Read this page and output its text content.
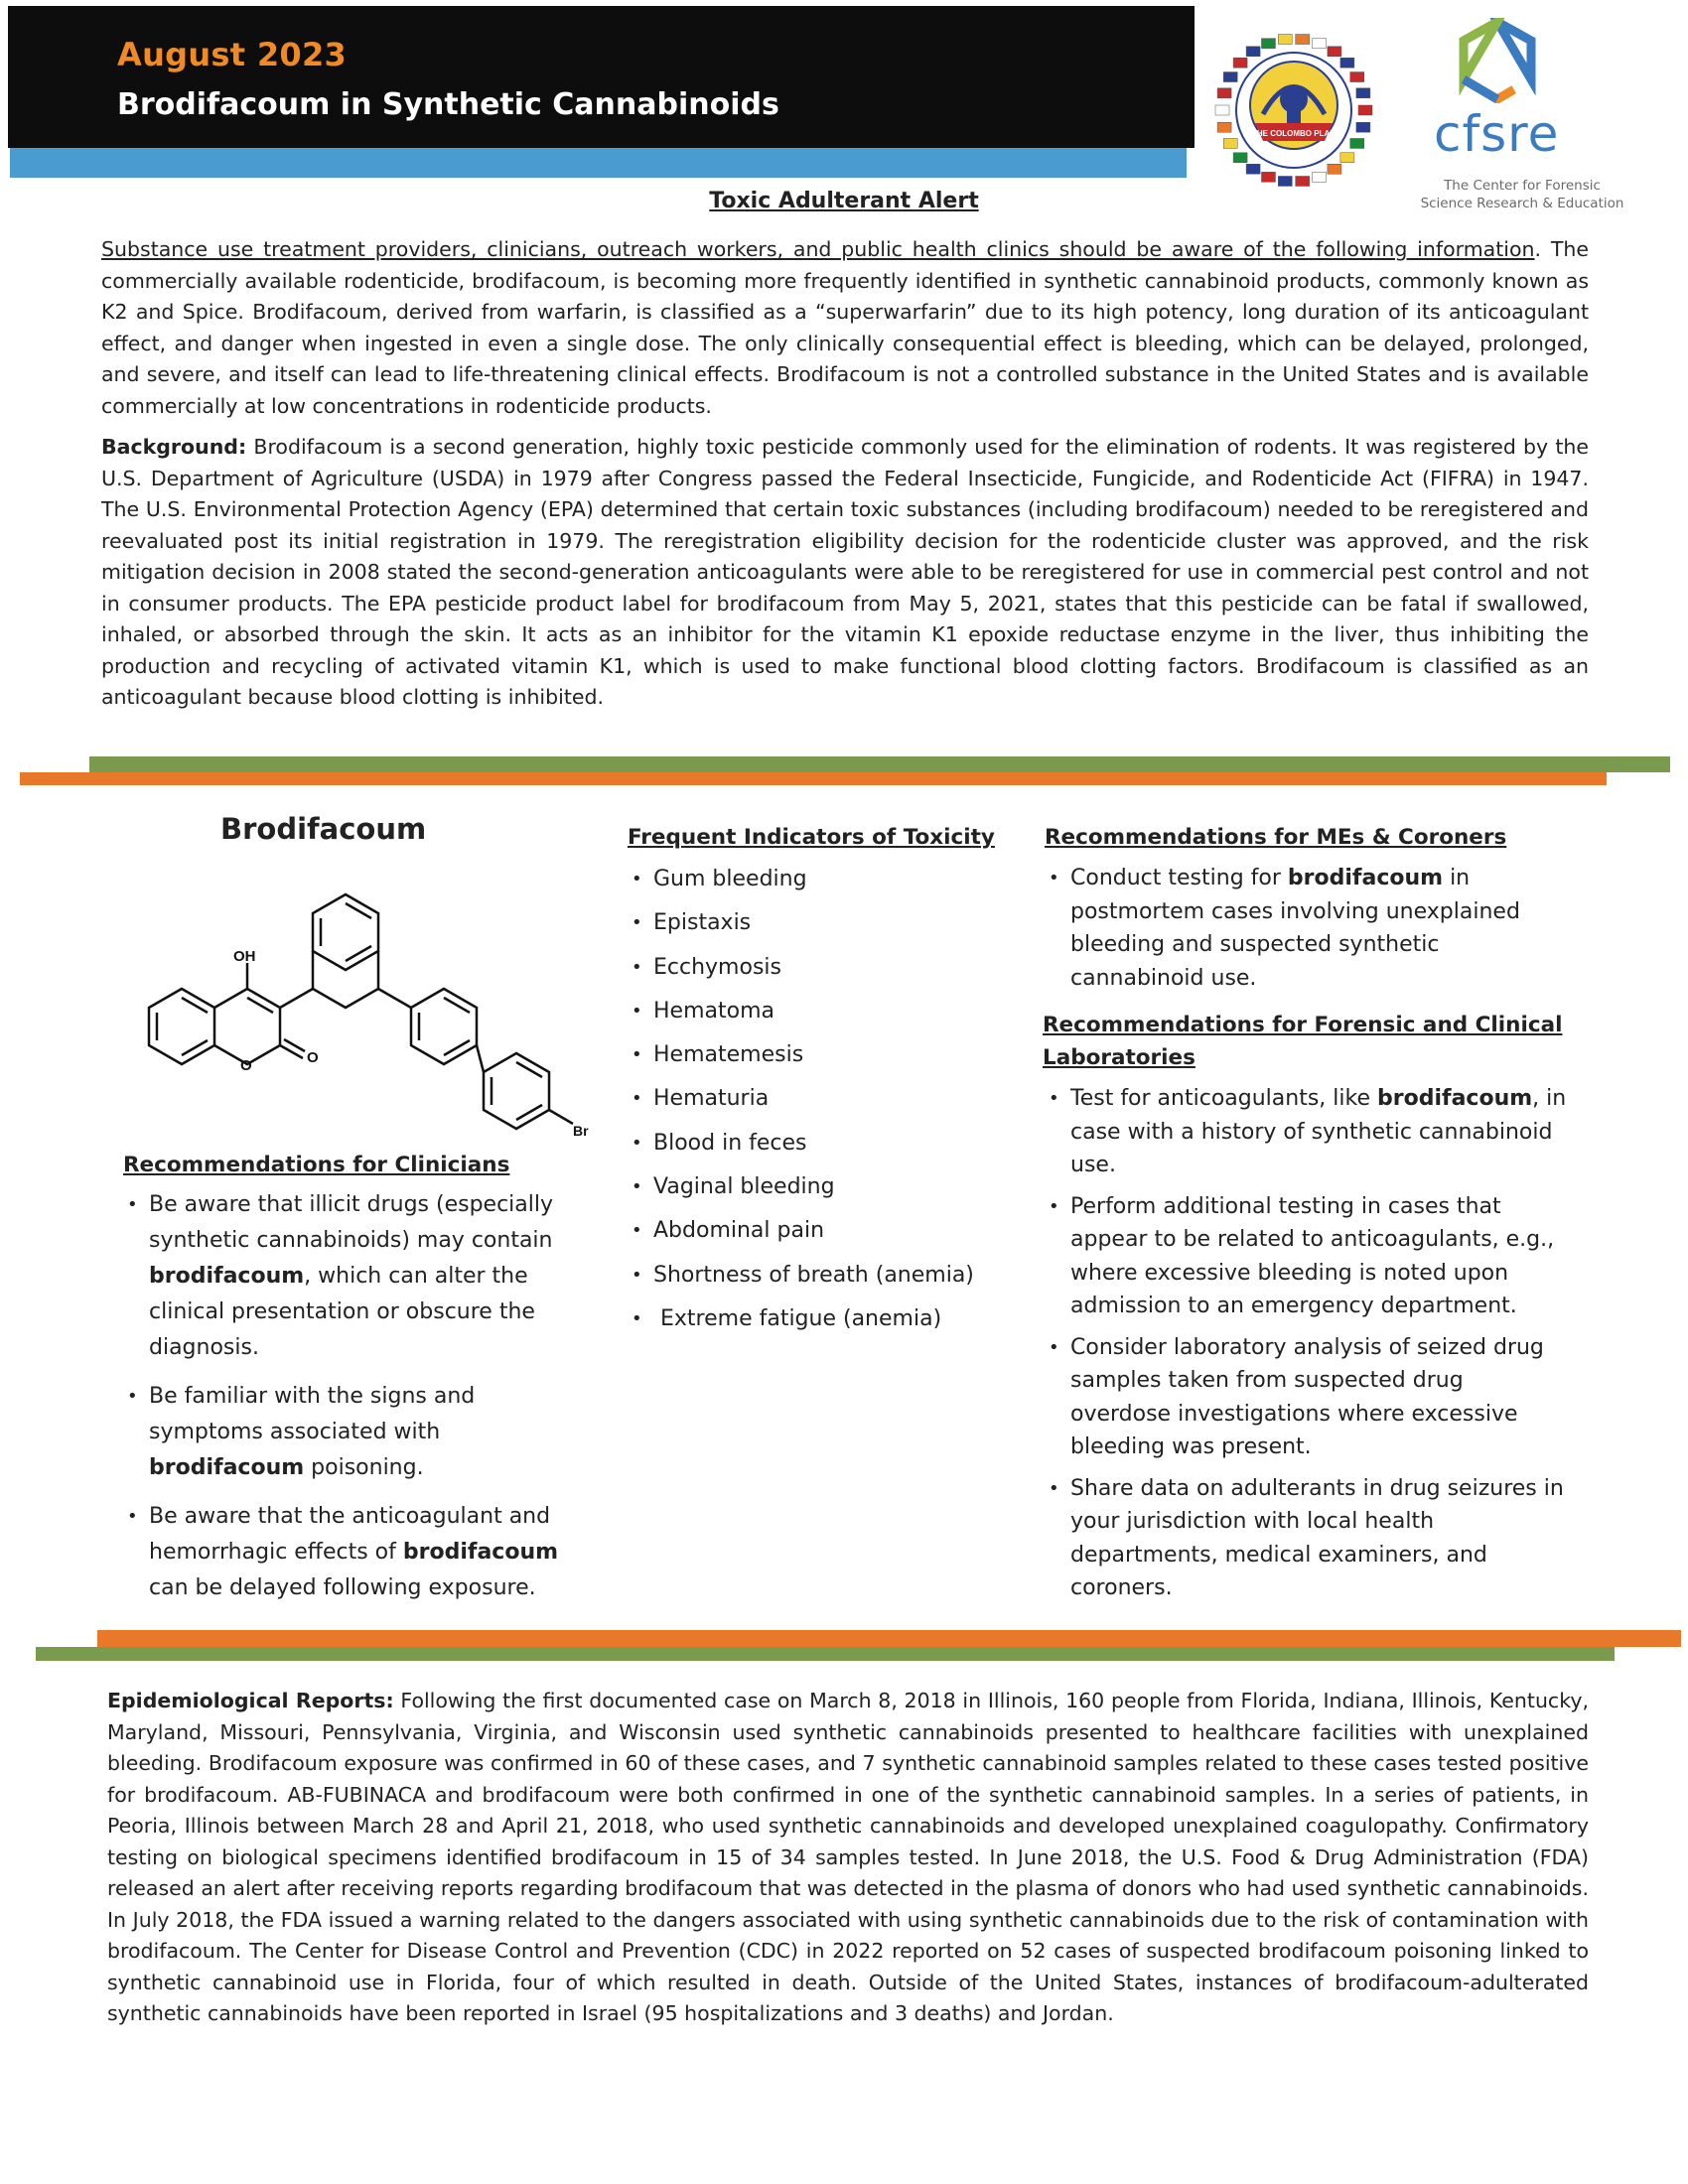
August 2023
Brodifacoum in Synthetic Cannabinoids
THE COLOMBO PLAN cfsre
The Center for Forensic
Science Research & Education
Toxic Adulterant Alert
Substance use treatment providers, clinicians, outreach workers, and public health clinics should be aware of the following information. The commercially available rodenticide, brodifacoum, is becoming more frequently identified in synthetic cannabinoid products, commonly known as K2 and Spice. Brodifacoum, derived from warfarin, is classified as a “superwarfarin” due to its high potency, long duration of its anticoagulant effect, and danger when ingested in even a single dose. The only clinically consequential effect is bleeding, which can be delayed, prolonged, and severe, and itself can lead to life-threatening clinical effects. Brodifacoum is not a controlled substance in the United States and is available commercially at low concentrations in rodenticide products.
Background: Brodifacoum is a second generation, highly toxic pesticide commonly used for the elimination of rodents. It was registered by the U.S. Department of Agriculture (USDA) in 1979 after Congress passed the Federal Insecticide, Fungicide, and Rodenticide Act (FIFRA) in 1947. The U.S. Environmental Protection Agency (EPA) determined that certain toxic substances (including brodifacoum) needed to be reregistered and reevaluated post its initial registration in 1979. The reregistration eligibility decision for the rodenticide cluster was approved, and the risk mitigation decision in 2008 stated the second-generation anticoagulants were able to be reregistered for use in commercial pest control and not in consumer products. The EPA pesticide product label for brodifacoum from May 5, 2021, states that this pesticide can be fatal if swallowed, inhaled, or absorbed through the skin. It acts as an inhibitor for the vitamin K1 epoxide reductase enzyme in the liver, thus inhibiting the production and recycling of activated vitamin K1, which is used to make functional blood clotting factors. Brodifacoum is classified as an anticoagulant because blood clotting is inhibited.
Brodifacoum
OH
O	O
Br
Recommendations for Clinicians
• Be aware that illicit drugs (especially synthetic cannabinoids) may contain brodifacoum, which can alter the clinical presentation or obscure the diagnosis.
• Be familiar with the signs and symptoms associated with brodifacoum poisoning.
• Be aware that the anticoagulant and hemorrhagic effects of brodifacoum can be delayed following exposure.
Frequent Indicators of Toxicity
• Gum bleeding
• Epistaxis
• Ecchymosis
• Hematoma
• Hematemesis
• Hematuria
• Blood in feces
• Vaginal bleeding
• Abdominal pain
• Shortness of breath (anemia)
•  Extreme fatigue (anemia)
Recommendations for MEs & Coroners
• Conduct testing for brodifacoum in postmortem cases involving unexplained bleeding and suspected synthetic cannabinoid use.
Recommendations for Forensic and Clinical Laboratories
• Test for anticoagulants, like brodifacoum, in case with a history of synthetic cannabinoid use.
• Perform additional testing in cases that appear to be related to anticoagulants, e.g., where excessive bleeding is noted upon admission to an emergency department.
• Consider laboratory analysis of seized drug samples taken from suspected drug overdose investigations where excessive bleeding was present.
• Share data on adulterants in drug seizures in your jurisdiction with local health departments, medical examiners, and coroners.
Epidemiological Reports: Following the first documented case on March 8, 2018 in Illinois, 160 people from Florida, Indiana, Illinois, Kentucky, Maryland, Missouri, Pennsylvania, Virginia, and Wisconsin used synthetic cannabinoids presented to healthcare facilities with unexplained bleeding. Brodifacoum exposure was confirmed in 60 of these cases, and 7 synthetic cannabinoid samples related to these cases tested positive for brodifacoum. AB-FUBINACA and brodifacoum were both confirmed in one of the synthetic cannabinoid samples. In a series of patients, in Peoria, Illinois between March 28 and April 21, 2018, who used synthetic cannabinoids and developed unexplained coagulopathy. Confirmatory testing on biological specimens identified brodifacoum in 15 of 34 samples tested. In June 2018, the U.S. Food & Drug Administration (FDA) released an alert after receiving reports regarding brodifacoum that was detected in the plasma of donors who had used synthetic cannabinoids. In July 2018, the FDA issued a warning related to the dangers associated with using synthetic cannabinoids due to the risk of contamination with brodifacoum. The Center for Disease Control and Prevention (CDC) in 2022 reported on 52 cases of suspected brodifacoum poisoning linked to synthetic cannabinoid use in Florida, four of which resulted in death. Outside of the United States, instances of brodifacoum-adulterated synthetic cannabinoids have been reported in Israel (95 hospitalizations and 3 deaths) and Jordan.
